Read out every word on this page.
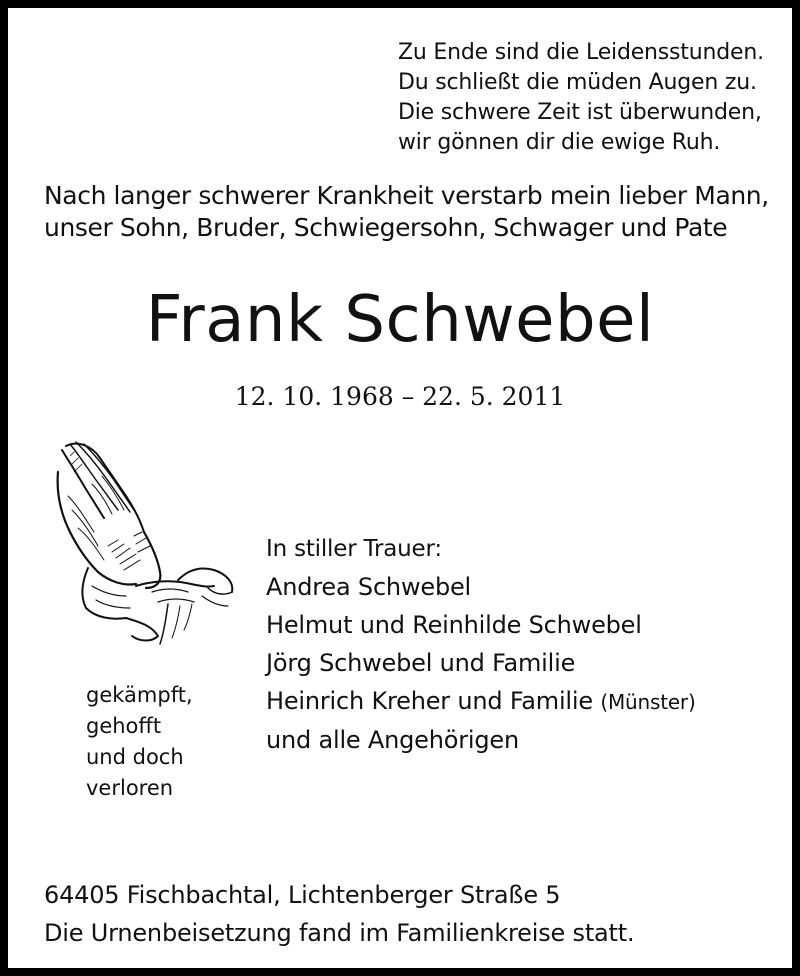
Zu Ende sind die Leidensstunden.
Du schließt die müden Augen zu.
Die schwere Zeit ist überwunden,
wir gönnen dir die ewige Ruh.
Nach langer schwerer Krankheit verstarb mein lieber Mann,
unser Sohn, Bruder, Schwiegersohn, Schwager und Pate
Frank Schwebel
12. 10. 1968 – 22. 5. 2011
gekämpft,
gehofft
und doch
verloren
In stiller Trauer:
Andrea Schwebel
Helmut und Reinhilde Schwebel
Jörg Schwebel und Familie
Heinrich Kreher und Familie (Münster)
und alle Angehörigen
64405 Fischbachtal, Lichtenberger Straße 5
Die Urnenbeisetzung fand im Familienkreise statt.
